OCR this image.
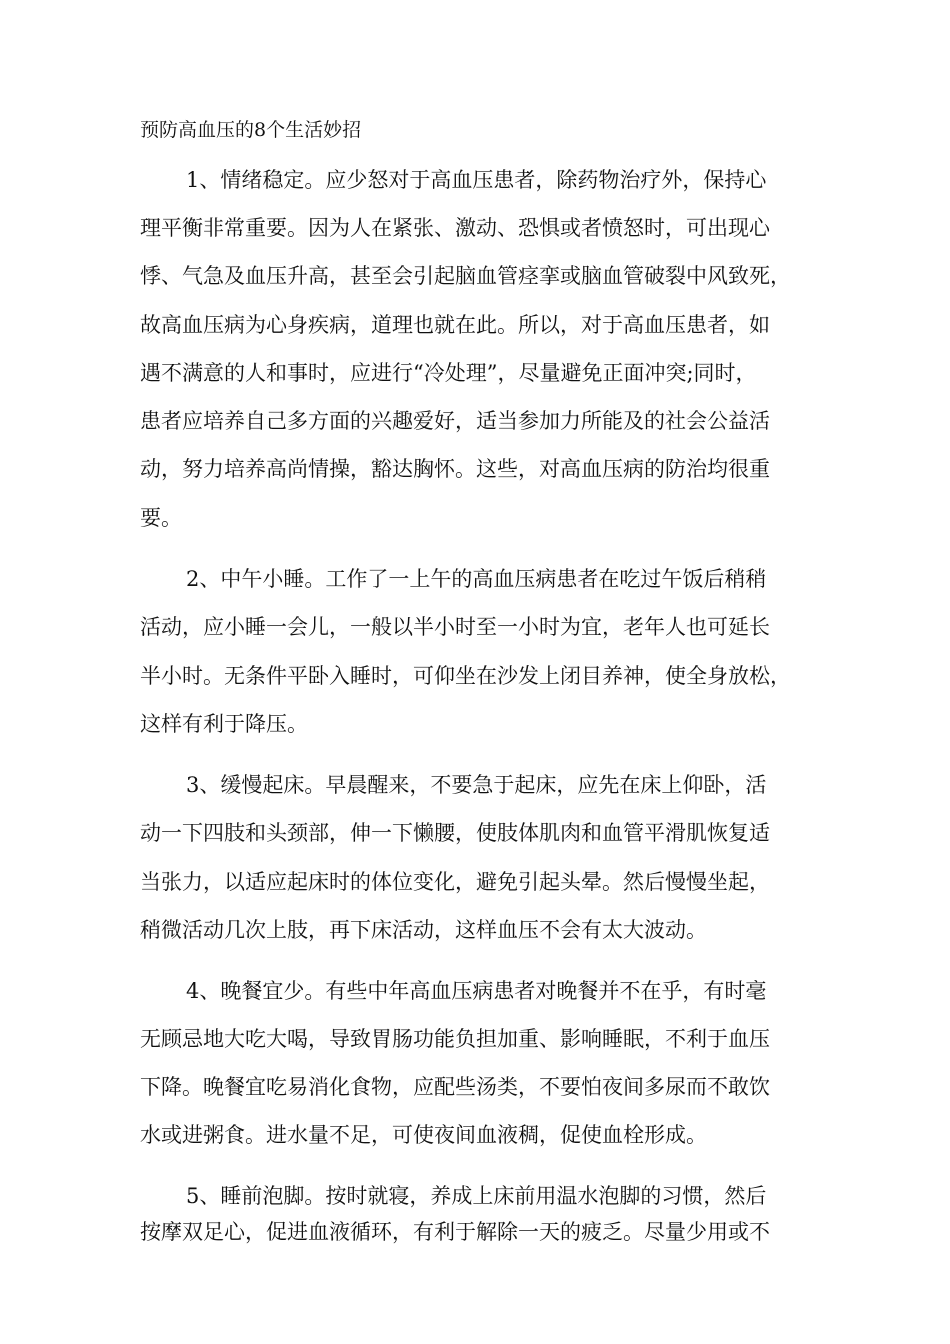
预防高血压的8个生活妙招
1、情绪稳定。应少怒对于高血压患者，除药物治疗外，保持心
理平衡非常重要。因为人在紧张、激动、恐惧或者愤怒时，可出现心
悸、气急及血压升高，甚至会引起脑血管痉挛或脑血管破裂中风致死，
故高血压病为心身疾病，道理也就在此。所以，对于高血压患者，如
遇不满意的人和事时，应进行“冷处理”，尽量避免正面冲突;同时，
患者应培养自己多方面的兴趣爱好，适当参加力所能及的社会公益活
动，努力培养高尚情操，豁达胸怀。这些，对高血压病的防治均很重
要。
2、中午小睡。工作了一上午的高血压病患者在吃过午饭后稍稍
活动，应小睡一会儿，一般以半小时至一小时为宜，老年人也可延长
半小时。无条件平卧入睡时，可仰坐在沙发上闭目养神，使全身放松，
这样有利于降压。
3、缓慢起床。早晨醒来，不要急于起床，应先在床上仰卧，活
动一下四肢和头颈部，伸一下懒腰，使肢体肌肉和血管平滑肌恢复适
当张力，以适应起床时的体位变化，避免引起头晕。然后慢慢坐起，
稍微活动几次上肢，再下床活动，这样血压不会有太大波动。
4、晚餐宜少。有些中年高血压病患者对晚餐并不在乎，有时毫
无顾忌地大吃大喝，导致胃肠功能负担加重、影响睡眠，不利于血压
下降。晚餐宜吃易消化食物，应配些汤类，不要怕夜间多尿而不敢饮
水或进粥食。进水量不足，可使夜间血液稠，促使血栓形成。
5、睡前泡脚。按时就寝，养成上床前用温水泡脚的习惯，然后
按摩双足心，促进血液循环，有利于解除一天的疲乏。尽量少用或不
